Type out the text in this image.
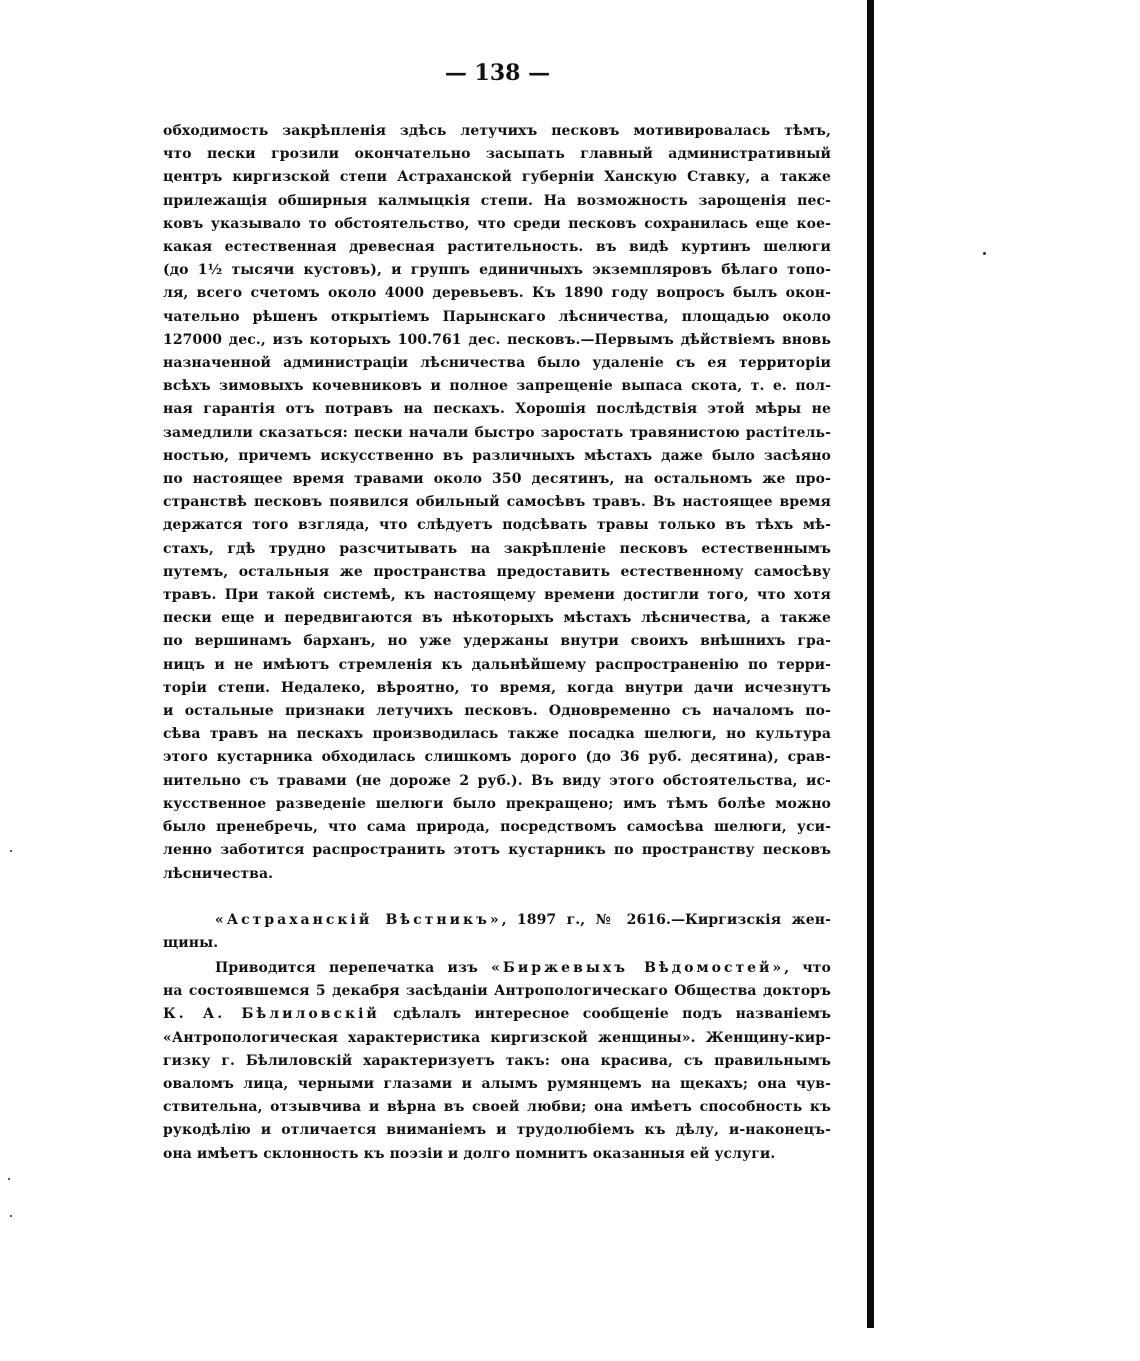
— 138 —
обходимость закрѣпленія здѣсь летучихъ песковъ мотивировалась тѣмъ,
что пески грозили окончательно засыпать главный административный
центръ киргизской степи Астраханской губерніи Ханскую Ставку, а также
прилежащія обширныя калмыцкія степи. На возможность зарощенія пес-
ковъ указывало то обстоятельство, что среди песковъ сохранилась еще кое-
какая естественная древесная растительность. въ видѣ куртинъ шелюги
(до 1½ тысячи кустовъ), и группъ единичныхъ экземпляровъ бѣлаго топо-
ля, всего счетомъ около 4000 деревьевъ. Къ 1890 году вопросъ былъ окон-
чательно рѣшенъ открытіемъ Парынскаго лѣсничества, площадью около
127000 дес., изъ которыхъ 100.761 дес. песковъ.—Первымъ дѣйствіемъ вновь
назначенной администраціи лѣсничества было удаленіе съ ея территоріи
всѣхъ зимовыхъ кочевниковъ и полное запрещеніе выпаса скота, т. е. пол-
ная гарантія отъ потравъ на пескахъ. Хорошія послѣдствія этой мѣры не
замедлили сказаться: пески начали быстро заростать травянистою растітель-
ностью, причемъ искусственно въ различныхъ мѣстахъ даже было засѣяно
по настоящее время травами около 350 десятинъ, на остальномъ же про-
странствѣ песковъ появился обильный самосѣвъ травъ. Въ настоящее время
держатся того взгляда, что слѣдуетъ подсѣвать травы только въ тѣхъ мѣ-
стахъ, гдѣ трудно разсчитывать на закрѣпленіе песковъ естественнымъ
путемъ, остальныя же пространства предоставить естественному самосѣву
травъ. При такой системѣ, къ настоящему времени достигли того, что хотя
пески еще и передвигаются въ нѣкоторыхъ мѣстахъ лѣсничества, а также
по вершинамъ барханъ, но уже удержаны внутри своихъ внѣшнихъ гра-
ницъ и не имѣютъ стремленія къ дальнѣйшему распространенію по терри-
торіи степи. Недалеко, вѣроятно, то время, когда внутри дачи исчезнутъ
и остальные признаки летучихъ песковъ. Одновременно съ началомъ по-
сѣва травъ на пескахъ производилась также посадка шелюги, но культура
этого кустарника обходилась слишкомъ дорого (до 36 руб. десятина), срав-
нительно съ травами (не дороже 2 руб.). Въ виду этого обстоятельства, ис-
кусственное разведеніе шелюги было прекращено; имъ тѣмъ болѣе можно
было пренебречь, что сама природа, посредствомъ самосѣва шелюги, уси-
ленно заботится распространить этотъ кустарникъ по пространству песковъ
лѣсничества.
«Астраханскій Вѣстникъ», 1897 г., № 2616.—Киргизскія жен-
щины.
Приводится перепечатка изъ «Биржевыхъ Вѣдомостей», что
на состоявшемся 5 декабря засѣданіи Антропологическаго Общества докторъ
К. А. Бѣлиловскій сдѣлалъ интересное сообщеніе подъ названіемъ
«Антропологическая характеристика киргизской женщины». Женщину-кир-
гизку г. Бѣлиловскій характеризуетъ такъ: она красива, съ правильнымъ
оваломъ лица, черными глазами и алымъ румянцемъ на щекахъ; она чув-
ствительна, отзывчива и вѣрна въ своей любви; она имѣетъ способность къ
рукодѣлію и отличается вниманіемъ и трудолюбіемъ къ дѣлу, и-наконецъ-
она имѣетъ склонность къ поэзіи и долго помнитъ оказанныя ей услуги.
